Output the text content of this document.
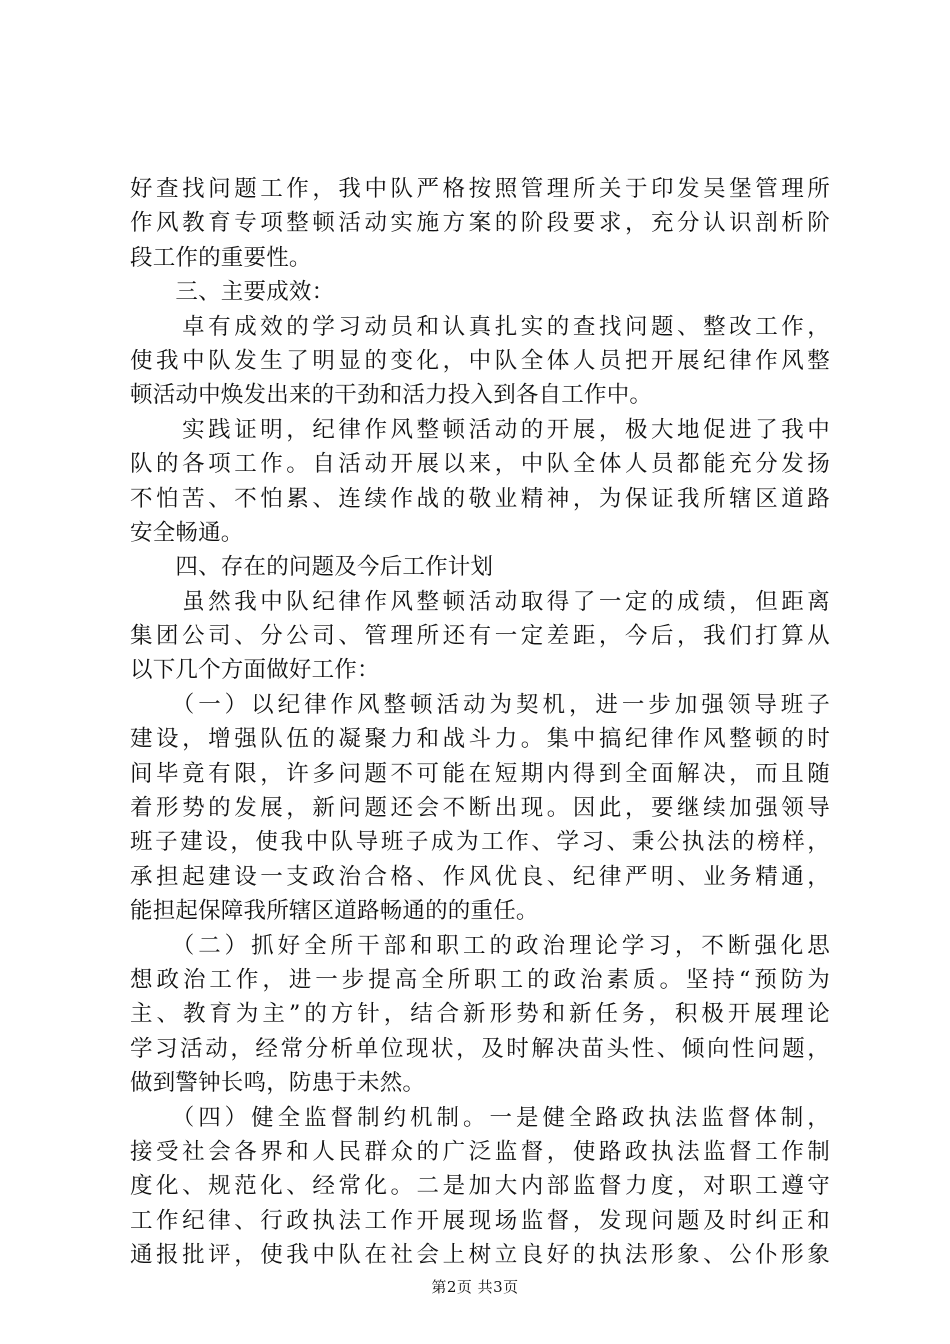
好查找问题工作，我中队严格按照管理所关于印发吴堡管理所
作风教育专项整顿活动实施方案的阶段要求，充分认识剖析阶
段工作的重要性。
　　三、主要成效：
　　卓有成效的学习动员和认真扎实的查找问题、整改工作，
使我中队发生了明显的变化，中队全体人员把开展纪律作风整
顿活动中焕发出来的干劲和活力投入到各自工作中。
　　实践证明，纪律作风整顿活动的开展，极大地促进了我中
队的各项工作。自活动开展以来，中队全体人员都能充分发扬
不怕苦、不怕累、连续作战的敬业精神，为保证我所辖区道路
安全畅通。
　　四、存在的问题及今后工作计划
　　虽然我中队纪律作风整顿活动取得了一定的成绩，但距离
集团公司、分公司、管理所还有一定差距，今后，我们打算从
以下几个方面做好工作：
　　（一）以纪律作风整顿活动为契机，进一步加强领导班子
建设，增强队伍的凝聚力和战斗力。集中搞纪律作风整顿的时
间毕竟有限，许多问题不可能在短期内得到全面解决，而且随
着形势的发展，新问题还会不断出现。因此，要继续加强领导
班子建设，使我中队导班子成为工作、学习、秉公执法的榜样，
承担起建设一支政治合格、作风优良、纪律严明、业务精通，
能担起保障我所辖区道路畅通的的重任。
　　（二）抓好全所干部和职工的政治理论学习，不断强化思
想政治工作，进一步提高全所职工的政治素质。坚持“预防为
主、教育为主”的方针，结合新形势和新任务，积极开展理论
学习活动，经常分析单位现状，及时解决苗头性、倾向性问题，
做到警钟长鸣，防患于未然。
　　（四）健全监督制约机制。一是健全路政执法监督体制，
接受社会各界和人民群众的广泛监督，使路政执法监督工作制
度化、规范化、经常化。二是加大内部监督力度，对职工遵守
工作纪律、行政执法工作开展现场监督，发现问题及时纠正和
通报批评，使我中队在社会上树立良好的执法形象、公仆形象
第2页 共3页
